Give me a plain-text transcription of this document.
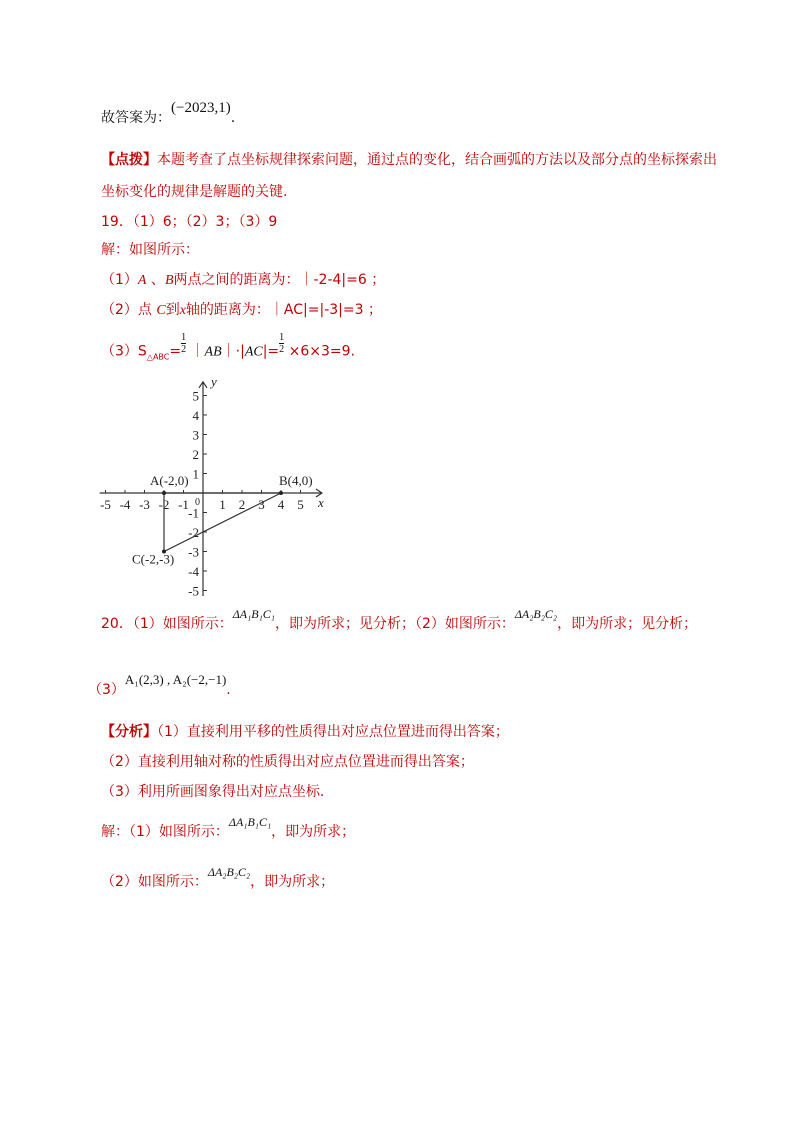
故答案为：(−2023,1).
【点拨】本题考查了点坐标规律探索问题，通过点的变化，结合画弧的方法以及部分点的坐标探索出
坐标变化的规律是解题的关键.
19．（1）6；（2）3；（3）9
解：如图所示：
（1）A 、B两点之间的距离为：｜-2-4|=6 ；
（2）点 C到x轴的距离为：｜AC|=|-3|=3 ；
$(3)S_{\triangle ABC}= \frac{1}{2}$ ｜AB｜·|AC|= $\frac{1}{2} \times 6\times 3=9$.
-5 -4 -3 -2 -1 1 2 3 4 5
-5
-4
-3
-2
-1
1
2
3
4
5
0	x
y
A(-2,0)	B(4,0)
C(-2,-3)
20．（1）如图所示：ΔA₁B₁C₁，即为所求；见分析；（2）如图所示：ΔA₂B₂C₂，即为所求；见分析；
（3）A₁(2,3) , A₂(−2,−1).
【分析】（1）直接利用平移的性质得出对应点位置进而得出答案；
（2）直接利用轴对称的性质得出对应点位置进而得出答案；
（3）利用所画图象得出对应点坐标.
解：（1）如图所示：ΔA₁B₁C₁，即为所求；
（2）如图所示：ΔA₂B₂C₂，即为所求；
